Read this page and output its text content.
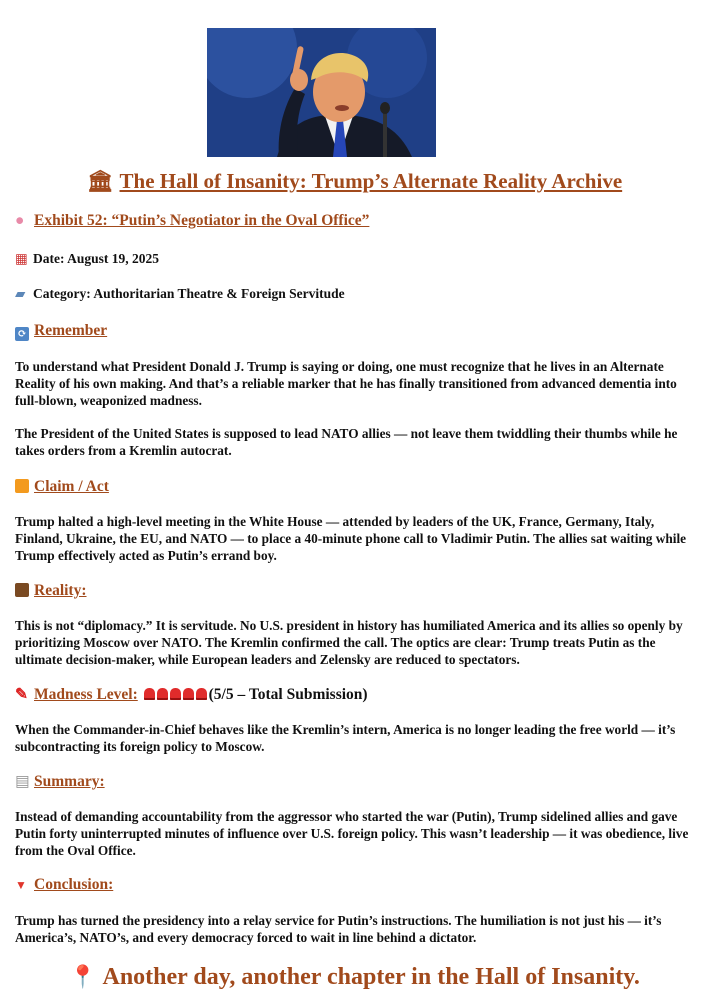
🏛 The Hall of Insanity: Trump’s Alternate Reality Archive
● Exhibit 52: “Putin’s Negotiator in the Oval Office”
▦ Date: August 19, 2025
▰ Category: Authoritarian Theatre & Foreign Servitude
⟳ Remember
To understand what President Donald J. Trump is saying or doing, one must recognize that he lives in an Alternate Reality of his own making. And that’s a reliable marker that he has finally transitioned from advanced dementia into full-blown, weaponized madness.
The President of the United States is supposed to lead NATO allies — not leave them twiddling their thumbs while he takes orders from a Kremlin autocrat.
Claim / Act
Trump halted a high-level meeting in the White House — attended by leaders of the UK, France, Germany, Italy, Finland, Ukraine, the EU, and NATO — to place a 40-minute phone call to Vladimir Putin. The allies sat waiting while Trump effectively acted as Putin’s errand boy.
Reality:
This is not “diplomacy.” It is servitude. No U.S. president in history has humiliated America and its allies so openly by prioritizing Moscow over NATO. The Kremlin confirmed the call. The optics are clear: Trump treats Putin as the ultimate decision-maker, while European leaders and Zelensky are reduced to spectators.
✎ Madness Level:	(5/5 – Total Submission)
When the Commander-in-Chief behaves like the Kremlin’s intern, America is no longer leading the free world — it’s subcontracting its foreign policy to Moscow.
▤ Summary:
Instead of demanding accountability from the aggressor who started the war (Putin), Trump sidelined allies and gave Putin forty uninterrupted minutes of influence over U.S. foreign policy. This wasn’t leadership — it was obedience, live from the Oval Office.
▼ Conclusion:
Trump has turned the presidency into a relay service for Putin’s instructions. The humiliation is not just his — it’s America’s, NATO’s, and every democracy forced to wait in line behind a dictator.
📍 Another day, another chapter in the Hall of Insanity.
